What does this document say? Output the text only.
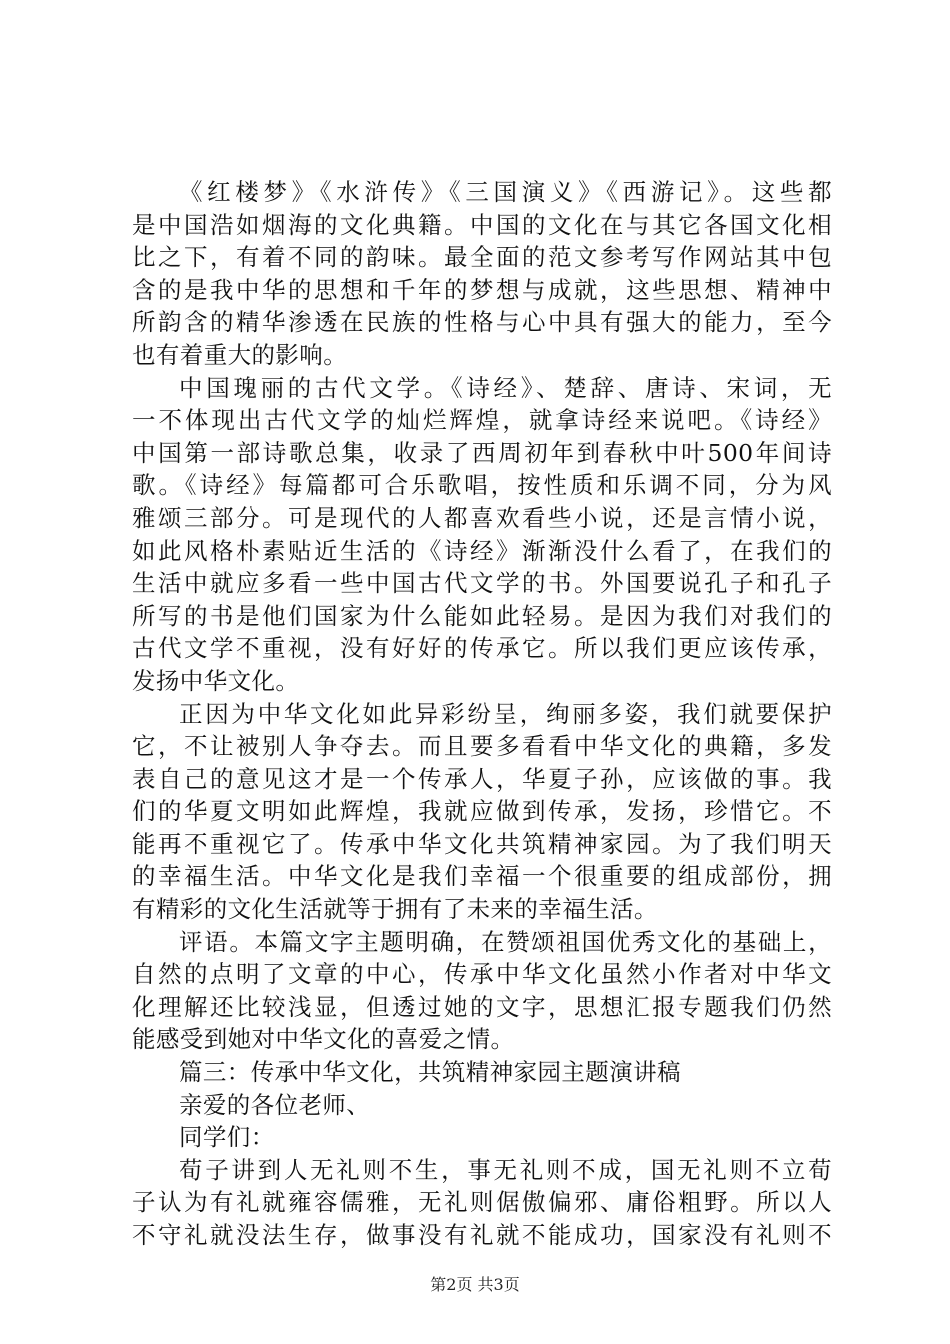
《红楼梦》《水浒传》《三国演义》《西游记》。这些都
是中国浩如烟海的文化典籍。中国的文化在与其它各国文化相
比之下，有着不同的韵味。最全面的范文参考写作网站其中包
含的是我中华的思想和千年的梦想与成就，这些思想、精神中
所韵含的精华渗透在民族的性格与心中具有强大的能力，至今
也有着重大的影响。
中国瑰丽的古代文学。《诗经》、楚辞、唐诗、宋词，无
一不体现出古代文学的灿烂辉煌，就拿诗经来说吧。《诗经》
中国第一部诗歌总集，收录了西周初年到春秋中叶500年间诗
歌。《诗经》每篇都可合乐歌唱，按性质和乐调不同，分为风
雅颂三部分。可是现代的人都喜欢看些小说，还是言情小说，
如此风格朴素贴近生活的《诗经》渐渐没什么看了，在我们的
生活中就应多看一些中国古代文学的书。外国要说孔子和孔子
所写的书是他们国家为什么能如此轻易。是因为我们对我们的
古代文学不重视，没有好好的传承它。所以我们更应该传承，
发扬中华文化。
正因为中华文化如此异彩纷呈，绚丽多姿，我们就要保护
它，不让被别人争夺去。而且要多看看中华文化的典籍，多发
表自己的意见这才是一个传承人，华夏子孙，应该做的事。我
们的华夏文明如此辉煌，我就应做到传承，发扬，珍惜它。不
能再不重视它了。传承中华文化共筑精神家园。为了我们明天
的幸福生活。中华文化是我们幸福一个很重要的组成部份，拥
有精彩的文化生活就等于拥有了未来的幸福生活。
评语。本篇文字主题明确，在赞颂祖国优秀文化的基础上，
自然的点明了文章的中心，传承中华文化虽然小作者对中华文
化理解还比较浅显，但透过她的文字，思想汇报专题我们仍然
能感受到她对中华文化的喜爱之情。
篇三：传承中华文化，共筑精神家园主题演讲稿
亲爱的各位老师、
同学们：
荀子讲到人无礼则不生，事无礼则不成，国无礼则不立荀
子认为有礼就雍容儒雅，无礼则倨傲偏邪、庸俗粗野。所以人
不守礼就没法生存，做事没有礼就不能成功，国家没有礼则不
第2页 共3页
